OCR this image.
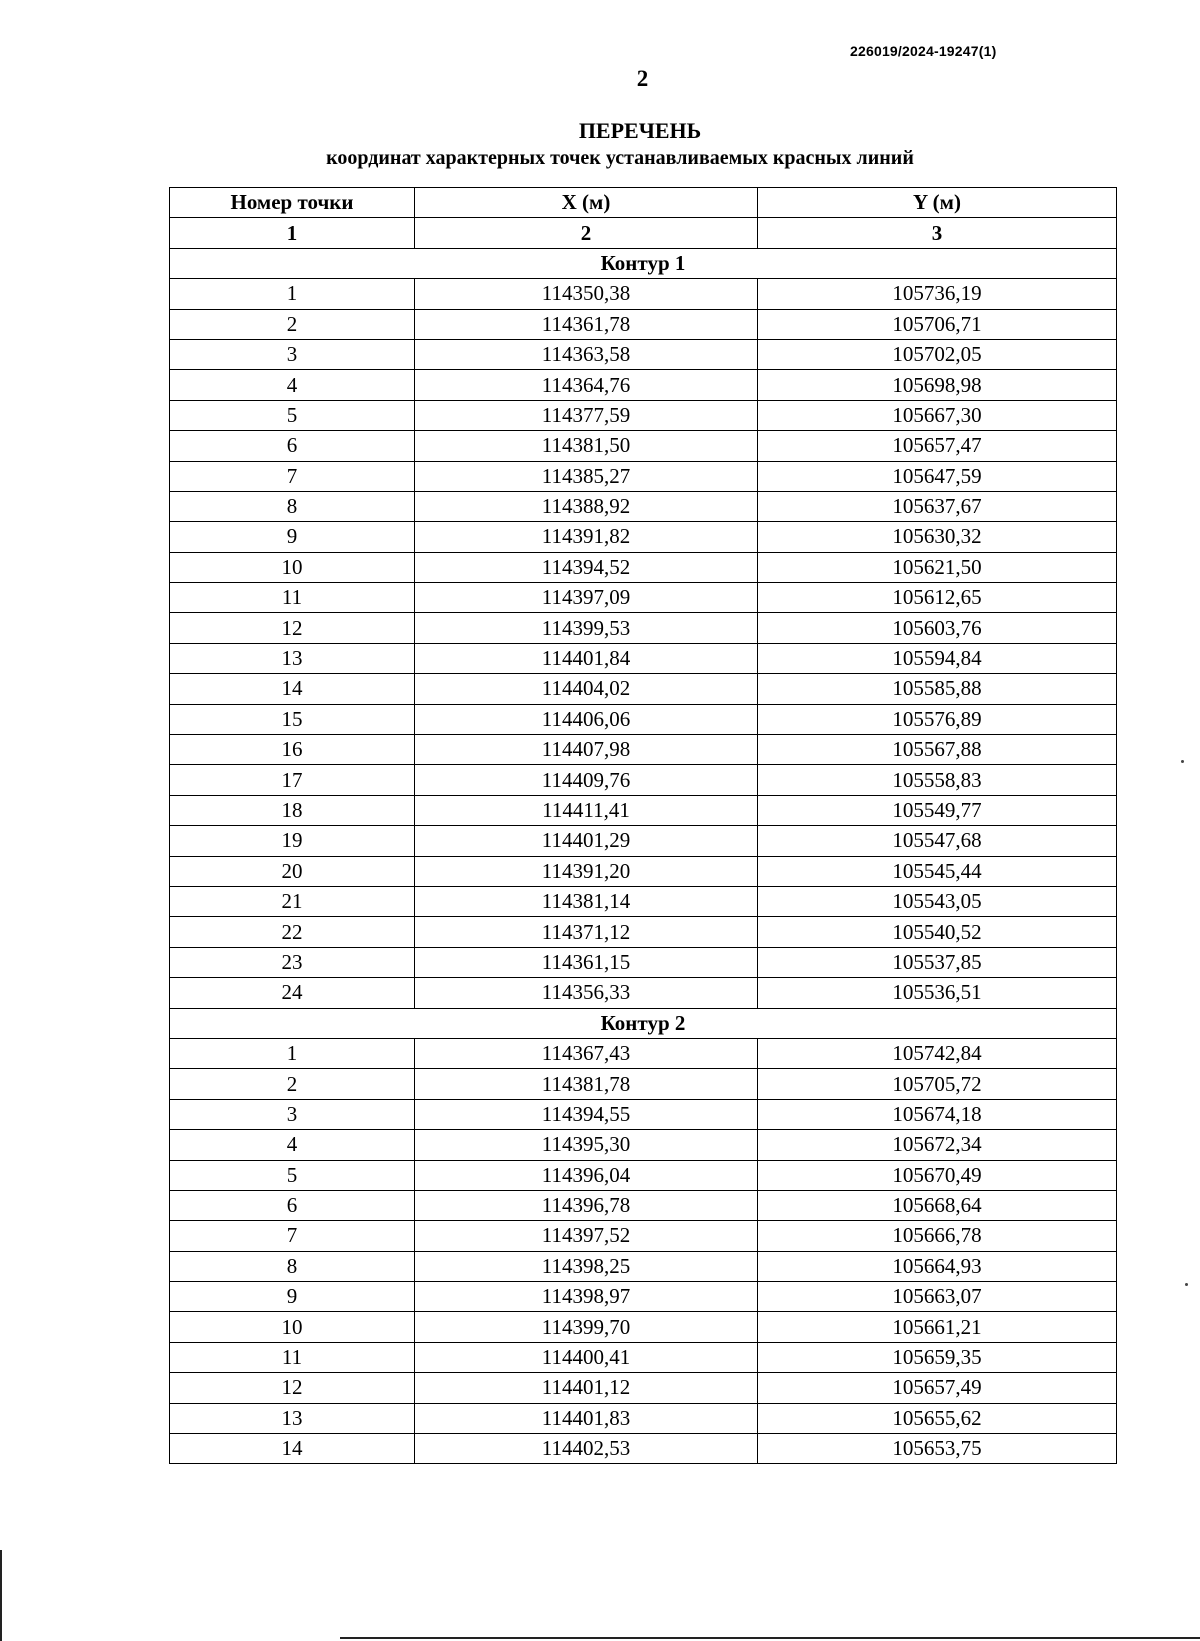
226019/2024-19247(1)
2
ПЕРЕЧЕНЬ
координат характерных точек устанавливаемых красных линий
Номер точки	X (м)	Y (м)
1	2	3
Контур 1		
1	114350,38	105736,19
2	114361,78	105706,71
3	114363,58	105702,05
4	114364,76	105698,98
5	114377,59	105667,30
6	114381,50	105657,47
7	114385,27	105647,59
8	114388,92	105637,67
9	114391,82	105630,32
10	114394,52	105621,50
11	114397,09	105612,65
12	114399,53	105603,76
13	114401,84	105594,84
14	114404,02	105585,88
15	114406,06	105576,89
16	114407,98	105567,88
17	114409,76	105558,83
18	114411,41	105549,77
19	114401,29	105547,68
20	114391,20	105545,44
21	114381,14	105543,05
22	114371,12	105540,52
23	114361,15	105537,85
24	114356,33	105536,51
Контур 2		
1	114367,43	105742,84
2	114381,78	105705,72
3	114394,55	105674,18
4	114395,30	105672,34
5	114396,04	105670,49
6	114396,78	105668,64
7	114397,52	105666,78
8	114398,25	105664,93
9	114398,97	105663,07
10	114399,70	105661,21
11	114400,41	105659,35
12	114401,12	105657,49
13	114401,83	105655,62
14	114402,53	105653,75
